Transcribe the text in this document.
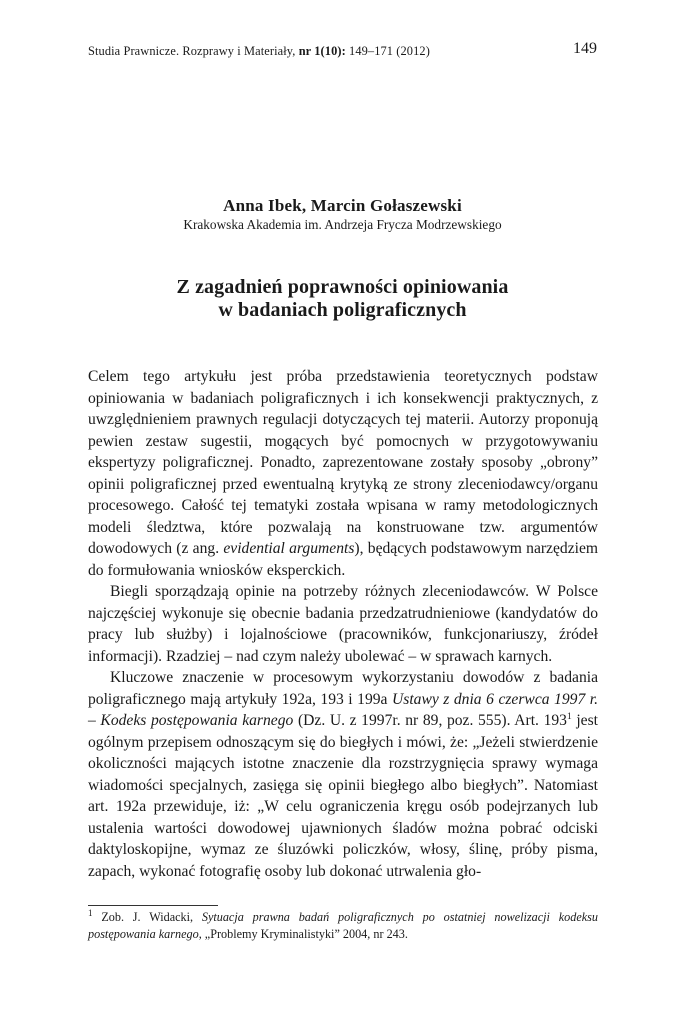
Studia Prawnicze. Rozprawy i Materiały, nr 1(10): 149–171 (2012)	149
Anna Ibek, Marcin Gołaszewski
Krakowska Akademia im. Andrzeja Frycza Modrzewskiego
Z zagadnień poprawności opiniowania
w badaniach poligraficznych

Celem tego artykułu jest próba przedstawienia teoretycznych podstaw opiniowania w badaniach poligraficznych i ich konsekwencji praktycznych, z uwzględnieniem prawnych regulacji dotyczących tej materii. Autorzy proponują pewien zestaw sugestii, mogących być pomocnych w przygotowywaniu ekspertyzy poligraficznej. Ponadto, zaprezentowane zostały sposoby „obrony” opinii poligraficznej przed ewentualną krytyką ze strony zleceniodawcy/organu procesowego. Całość tej tematyki została wpisana w ramy metodologicznych modeli śledztwa, które pozwalają na konstruowane tzw. argumentów dowodowych (z ang. evidential arguments), będących podstawowym narzędziem do formułowania wniosków eksperckich.

Biegli sporządzają opinie na potrzeby różnych zleceniodawców. W Polsce najczęściej wykonuje się obecnie badania przedzatrudnieniowe (kandydatów do pracy lub służby) i lojalnościowe (pracowników, funkcjonariuszy, źródeł informacji). Rzadziej – nad czym należy ubolewać – w sprawach karnych.

Kluczowe znaczenie w procesowym wykorzystaniu dowodów z badania poligraficznego mają artykuły 192a, 193 i 199a Ustawy z dnia 6 czerwca 1997 r. – Kodeks postępowania karnego (Dz. U. z 1997r. nr 89, poz. 555). Art. $193^1$ jest ogólnym przepisem odnoszącym się do biegłych i mówi, że: „Jeżeli stwierdzenie okoliczności mających istotne znaczenie dla rozstrzygnięcia sprawy wymaga wiadomości specjalnych, zasięga się opinii biegłego albo biegłych”. Natomiast art. 192a przewiduje, iż: „W celu ograniczenia kręgu osób podejrzanych lub ustalenia wartości dowodowej ujawnionych śladów można pobrać odciski daktyloskopijne, wymaz ze śluzówki policzków, włosy, ślinę, próby pisma, zapach, wykonać fotografię osoby lub dokonać utrwalenia gło-

$^1$ Zob. J. Widacki, Sytuacja prawna badań poligraficznych po ostatniej nowelizacji kodeksu postępowania karnego, „Problemy Kryminalistyki” 2004, nr 243.
